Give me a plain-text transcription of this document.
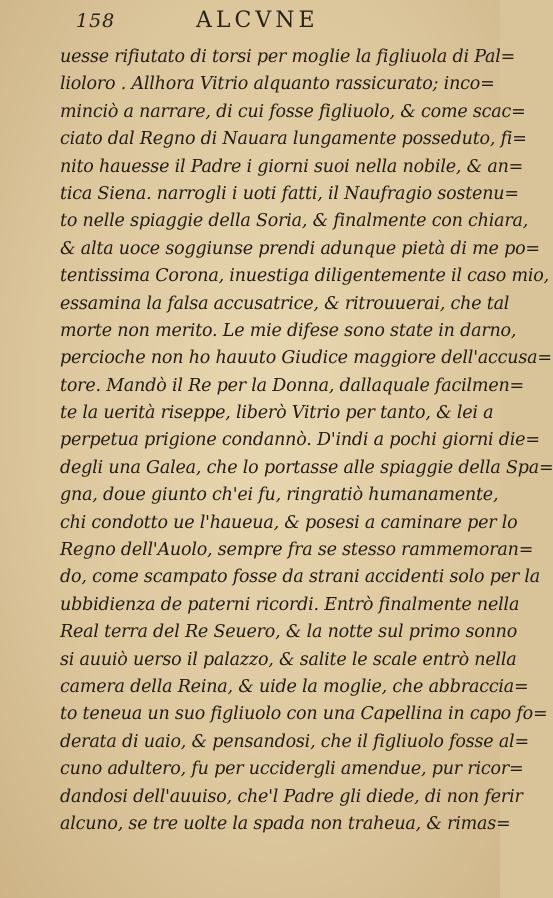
158	ALCVNE
uesse rifiutato di torsi per moglie la figliuola di Pal=
lioloro . Allhora Vitrio alquanto rassicurato; inco=
minciò a narrare, di cui fosse figliuolo, & come scac=
ciato dal Regno di Nauara lungamente posseduto, fi=
nito hauesse il Padre i giorni suoi nella nobile, & an=
tica Siena. narrogli i uoti fatti, il Naufragio sostenu=
to nelle spiaggie della Soria, & finalmente con chiara,
& alta uoce soggiunse prendi adunque pietà di me po=
tentissima Corona, inuestiga diligentemente il caso mio,
essamina la falsa accusatrice, & ritrouuerai, che tal
morte non merito. Le mie difese sono state in darno,
percioche non ho hauuto Giudice maggiore dell'accusa=
tore. Mandò il Re per la Donna, dallaquale facilmen=
te la uerità riseppe, liberò Vitrio per tanto, & lei a
perpetua prigione condannò. D'indi a pochi giorni die=
degli una Galea, che lo portasse alle spiaggie della Spa=
gna, doue giunto ch'ei fu, ringratiò humanamente,
chi condotto ue l'haueua, & posesi a caminare per lo
Regno dell'Auolo, sempre fra se stesso rammemoran=
do, come scampato fosse da strani accidenti solo per la
ubbidienza de paterni ricordi. Entrò finalmente nella
Real terra del Re Seuero, & la notte sul primo sonno
si auuiò uerso il palazzo, & salite le scale entrò nella
camera della Reina, & uide la moglie, che abbraccia=
to teneua un suo figliuolo con una Capellina in capo fo=
derata di uaio, & pensandosi, che il figliuolo fosse al=
cuno adultero, fu per uccidergli amendue, pur ricor=
dandosi dell'auuiso, che'l Padre gli diede, di non ferir
alcuno, se tre uolte la spada non traheua, & rimas=
